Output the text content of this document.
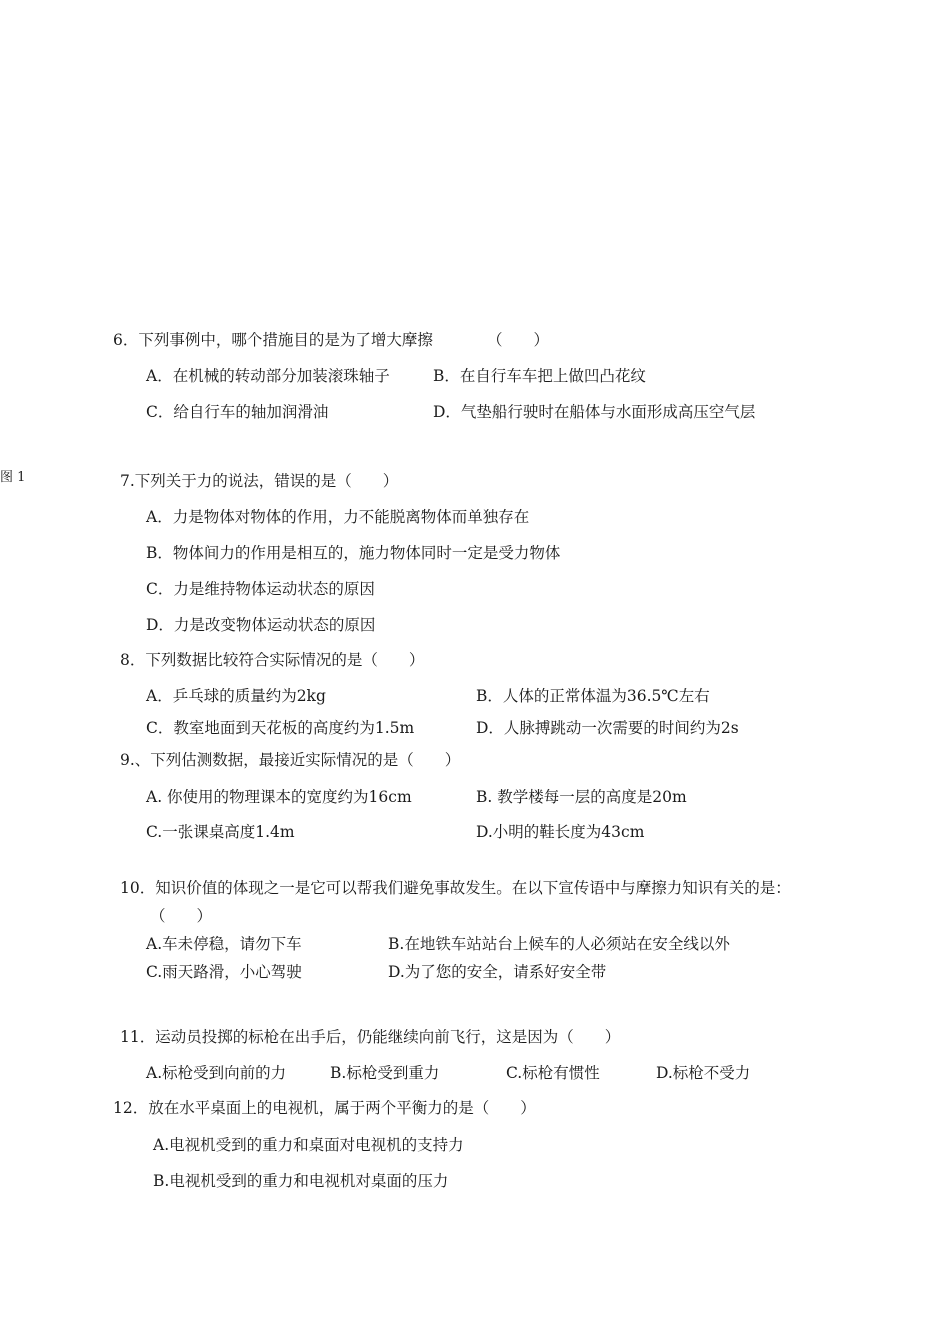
6．下列事例中，哪个措施目的是为了增大摩擦	（　　）
A．在机械的转动部分加装滚珠轴子	B．在自行车车把上做凹凸花纹
C．给自行车的轴加润滑油	D．气垫船行驶时在船体与水面形成高压空气层
图 1	7.下列关于力的说法，错误的是（　　）
A．力是物体对物体的作用，力不能脱离物体而单独存在
B．物体间力的作用是相互的，施力物体同时一定是受力物体
C．力是维持物体运动状态的原因
D．力是改变物体运动状态的原因
8．下列数据比较符合实际情况的是（　　）
A．乒乓球的质量约为2kg	B．人体的正常体温为36.5℃左右
C．教室地面到天花板的高度约为1.5m	D．人脉搏跳动一次需要的时间约为2s
9.、下列估测数据，最接近实际情况的是（　　）
A. 你使用的物理课本的宽度约为16cm	B. 教学楼每一层的高度是20m
C.一张课桌高度1.4m	D.小明的鞋长度为43cm
10．知识价值的体现之一是它可以帮我们避免事故发生。在以下宣传语中与摩擦力知识有关的是：
（　　）
A.车未停稳，请勿下车	B.在地铁车站站台上候车的人必须站在安全线以外
C.雨天路滑，小心驾驶	D.为了您的安全，请系好安全带
11．运动员投掷的标枪在出手后，仍能继续向前飞行，这是因为（　　）
A.标枪受到向前的力	B.标枪受到重力	C.标枪有惯性	D.标枪不受力
12．放在水平桌面上的电视机，属于两个平衡力的是（　　）
A.电视机受到的重力和桌面对电视机的支持力
B.电视机受到的重力和电视机对桌面的压力
